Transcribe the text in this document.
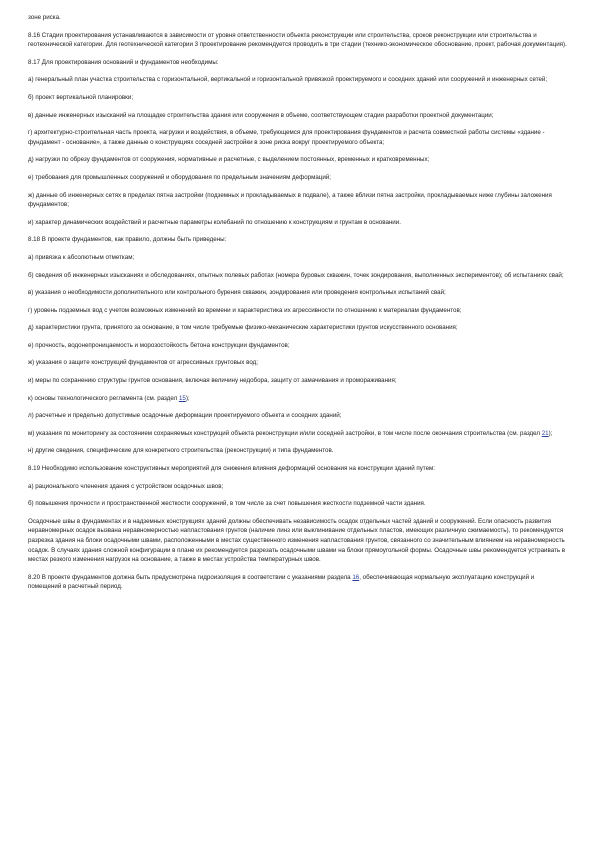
зоне риска.

8.16 Стадии проектирования устанавливаются в зависимости от уровня ответственности объекта реконструкции или строительства, сроков реконструкции или строительства и геотехнической категории. Для геотехнической категории 3 проектирование рекомендуется проводить в три стадии (технико-экономическое обоснование, проект, рабочая документация).

8.17 Для проектирования оснований и фундаментов необходимы:

а) генеральный план участка строительства с горизонтальной, вертикальной и горизонтальной привязкой проектируемого и соседних зданий или сооружений и инженерных сетей;

б) проект вертикальной планировки;

в) данные инженерных изысканий на площадке строительства здания или сооружения в объеме, соответствующем стадии разработки проектной документации;

г) архитектурно-строительная часть проекта, нагрузки и воздействия, в объеме, требующемся для проектирования фундаментов и расчета совместной работы системы «здание - фундамент - основание», а также данные о конструкциях соседней застройки в зоне риска вокруг проектируемого объекта;

д) нагрузки по обрезу фундаментов от сооружения, нормативные и расчетные, с выделением постоянных, временных и кратковременных;

е) требования для промышленных сооружений и оборудования по предельным значениям деформаций;

ж) данные об инженерных сетях в пределах пятна застройки (подземных и прокладываемых в подвале), а также вблизи пятна застройки, прокладываемых ниже глубины заложения фундаментов;

и) характер динамических воздействий и расчетные параметры колебаний по отношению к конструкциям и грунтам в основании.

8.18 В проекте фундаментов, как правило, должны быть приведены:

а) привязка к абсолютным отметкам;

б) сведения об инженерных изысканиях и обследованиях, опытных полевых работах (номера буровых скважин, точек зондирования, выполненных экспериментов); об испытаниях свай;

в) указания о необходимости дополнительного или контрольного бурения скважин, зондирования или проведения контрольных испытаний свай;

г) уровень подземных вод с учетом возможных изменений во времени и характеристика их агрессивности по отношению к материалам фундаментов;

д) характеристики грунта, принятого за основание, в том числе требуемые физико-механические характеристики грунтов искусственного основания;

е) прочность, водонепроницаемость и морозостойкость бетона конструкции фундаментов;

ж) указания о защите конструкций фундаментов от агрессивных грунтовых вод;

и) меры по сохранению структуры грунтов основания, включая величину недобора, защиту от замачивания и промораживания;

к) основы технологического регламента (см. раздел 15);

л) расчетные и предельно допустимые осадочные деформации проектируемого объекта и соседних зданий;

м) указания по мониторингу за состоянием сохраняемых конструкций объекта реконструкции и/или соседней застройки, в том числе после окончания строительства (см. раздел 21);

н) другие сведения, специфические для конкретного строительства (реконструкции) и типа фундаментов.

8.19 Необходимо использование конструктивных мероприятий для снижения влияния деформаций основания на конструкции зданий путем:

а) рационального членения здания с устройством осадочных швов;

б) повышения прочности и пространственной жесткости сооружений, в том числе за счет повышения жесткости подземной части здания.

Осадочные швы в фундаментах и в надземных конструкциях зданий должны обеспечивать независимость осадок отдельных частей зданий и сооружений. Если опасность развития неравномерных осадок вызвана неравномерностью напластования грунтов (наличие линз или выклинивание отдельных пластов, имеющих различную сжимаемость), то рекомендуется разрезка здания на блоки осадочными швами, расположенными в местах существенного изменения напластования грунтов, связанного со значительным влиянием на неравномерность осадок. В случаях здания сложной конфигурации в плане их рекомендуется разрезать осадочными швами на блоки прямоугольной формы. Осадочные швы рекомендуется устраивать в местах резкого изменения нагрузок на основание, а также в местах устройства температурных швов.

8.20 В проекте фундаментов должна быть предусмотрена гидроизоляция в соответствии с указаниями раздела 16, обеспечивающая нормальную эксплуатацию конструкций и помещений в расчетный период.
